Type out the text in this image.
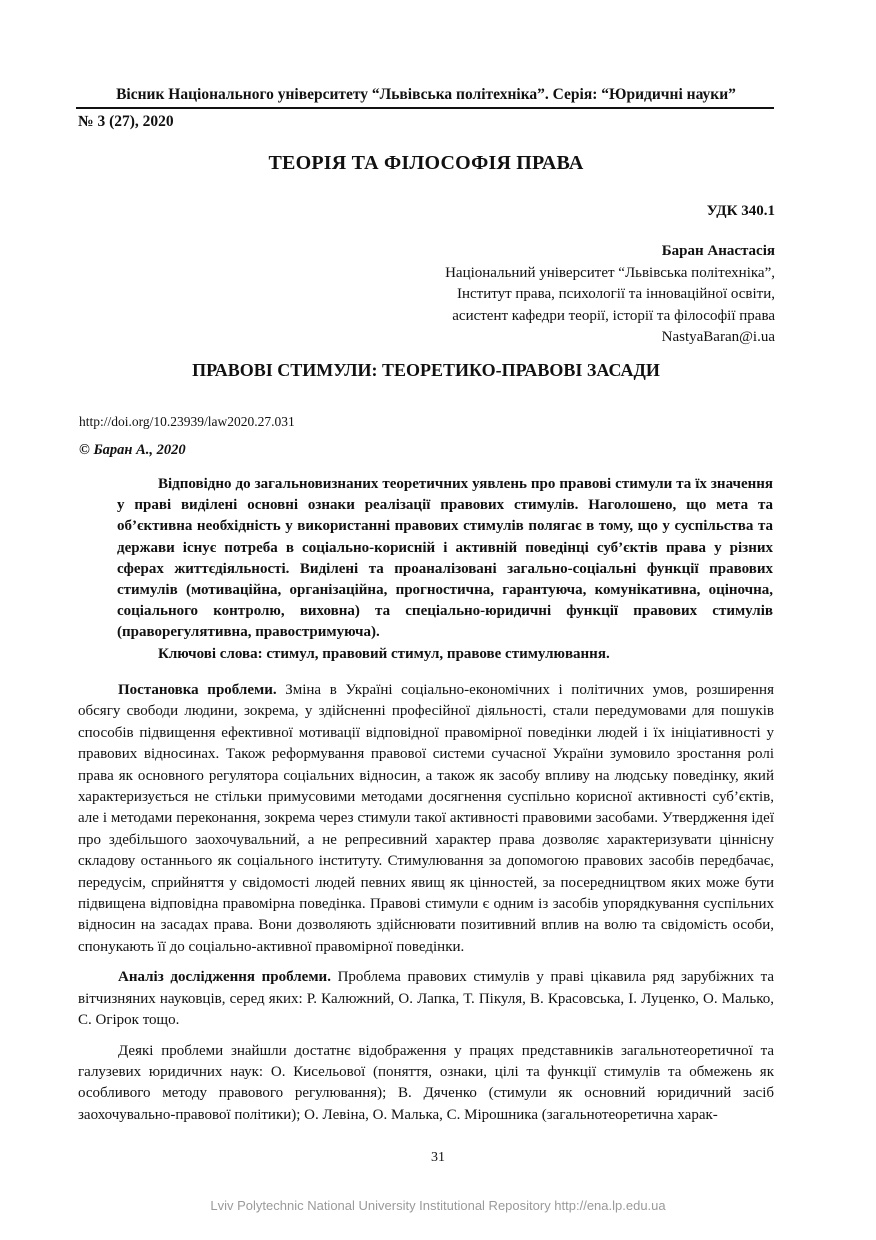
Вісник Національного університету “Львівська політехніка”. Серія: “Юридичні науки”
№ 3 (27), 2020
ТЕОРІЯ ТА ФІЛОСОФІЯ ПРАВА
УДК 340.1
Баран Анастасія
Національний університет “Львівська політехніка”,
Інститут права, психології та інноваційної освіти,
асистент кафедри теорії, історії та філософії права
NastyaBaran@i.ua
ПРАВОВІ СТИМУЛИ: ТЕОРЕТИКО-ПРАВОВІ ЗАСАДИ
http://doi.org/10.23939/law2020.27.031
© Баран А., 2020

Відповідно до загальновизнаних теоретичних уявлень про правові стимули та їх значення у праві виділені основні ознаки реалізації правових стимулів. Наголошено, що мета та об’єктивна необхідність у використанні правових стимулів полягає в тому, що у суспільства та держави існує потреба в соціально-корисній і активній поведінці суб’єктів права у різних сферах життєдіяльності. Виділені та проаналізовані загально-соціальні функції правових стимулів (мотиваційна, організаційна, прогностична, гарантуюча, комунікативна, оціночна, соціального контролю, виховна) та спеціально-юридичні функції правових стимулів (праворегулятивна, правостримуюча).

Ключові слова: стимул, правовий стимул, правове стимулювання.

Постановка проблеми. Зміна в Україні соціально-економічних і політичних умов, розширення обсягу свободи людини, зокрема, у здійсненні професійної діяльності, стали передумовами для пошуків способів підвищення ефективної мотивації відповідної правомірної поведінки людей і їх ініціативності у правових відносинах. Також реформування правової системи сучасної України зумовило зростання ролі права як основного регулятора соціальних відносин, а також як засобу впливу на людську поведінку, який характеризується не стільки примусовими методами досягнення суспільно корисної активності суб’єктів, але і методами переконання, зокрема через стимули такої активності правовими засобами. Утвердження ідеї про здебільшого заохочувальний, а не репресивний характер права дозволяє характеризувати ціннісну складову останнього як соціального інституту. Стимулювання за допомогою правових засобів передбачає, передусім, сприйняття у свідомості людей певних явищ як цінностей, за посередництвом яких може бути підвищена відповідна правомірна поведінка. Правові стимули є одним із засобів упорядкування суспільних відносин на засадах права. Вони дозволяють здійснювати позитивний вплив на волю та свідомість особи, спонукають її до соціально-активної правомірної поведінки.

Аналіз дослідження проблеми. Проблема правових стимулів у праві цікавила ряд зарубіжних та вітчизняних науковців, серед яких: Р. Калюжний, О. Лапка, Т. Пікуля, В. Красовська, І. Луценко, О. Малько, С. Огірок тощо.

Деякі проблеми знайшли достатнє відображення у працях представників загальнотеоретичної та галузевих юридичних наук: О. Кисельової (поняття, ознаки, цілі та функції стимулів та обмежень як особливого методу правового регулювання); В. Дяченко (стимули як основний юридичний засіб заохочувально-правової політики); О. Левіна, О. Малька, С. Мірошника (загальнотеоретична харак-

31
Lviv Polytechnic National University Institutional Repository http://ena.lp.edu.ua
